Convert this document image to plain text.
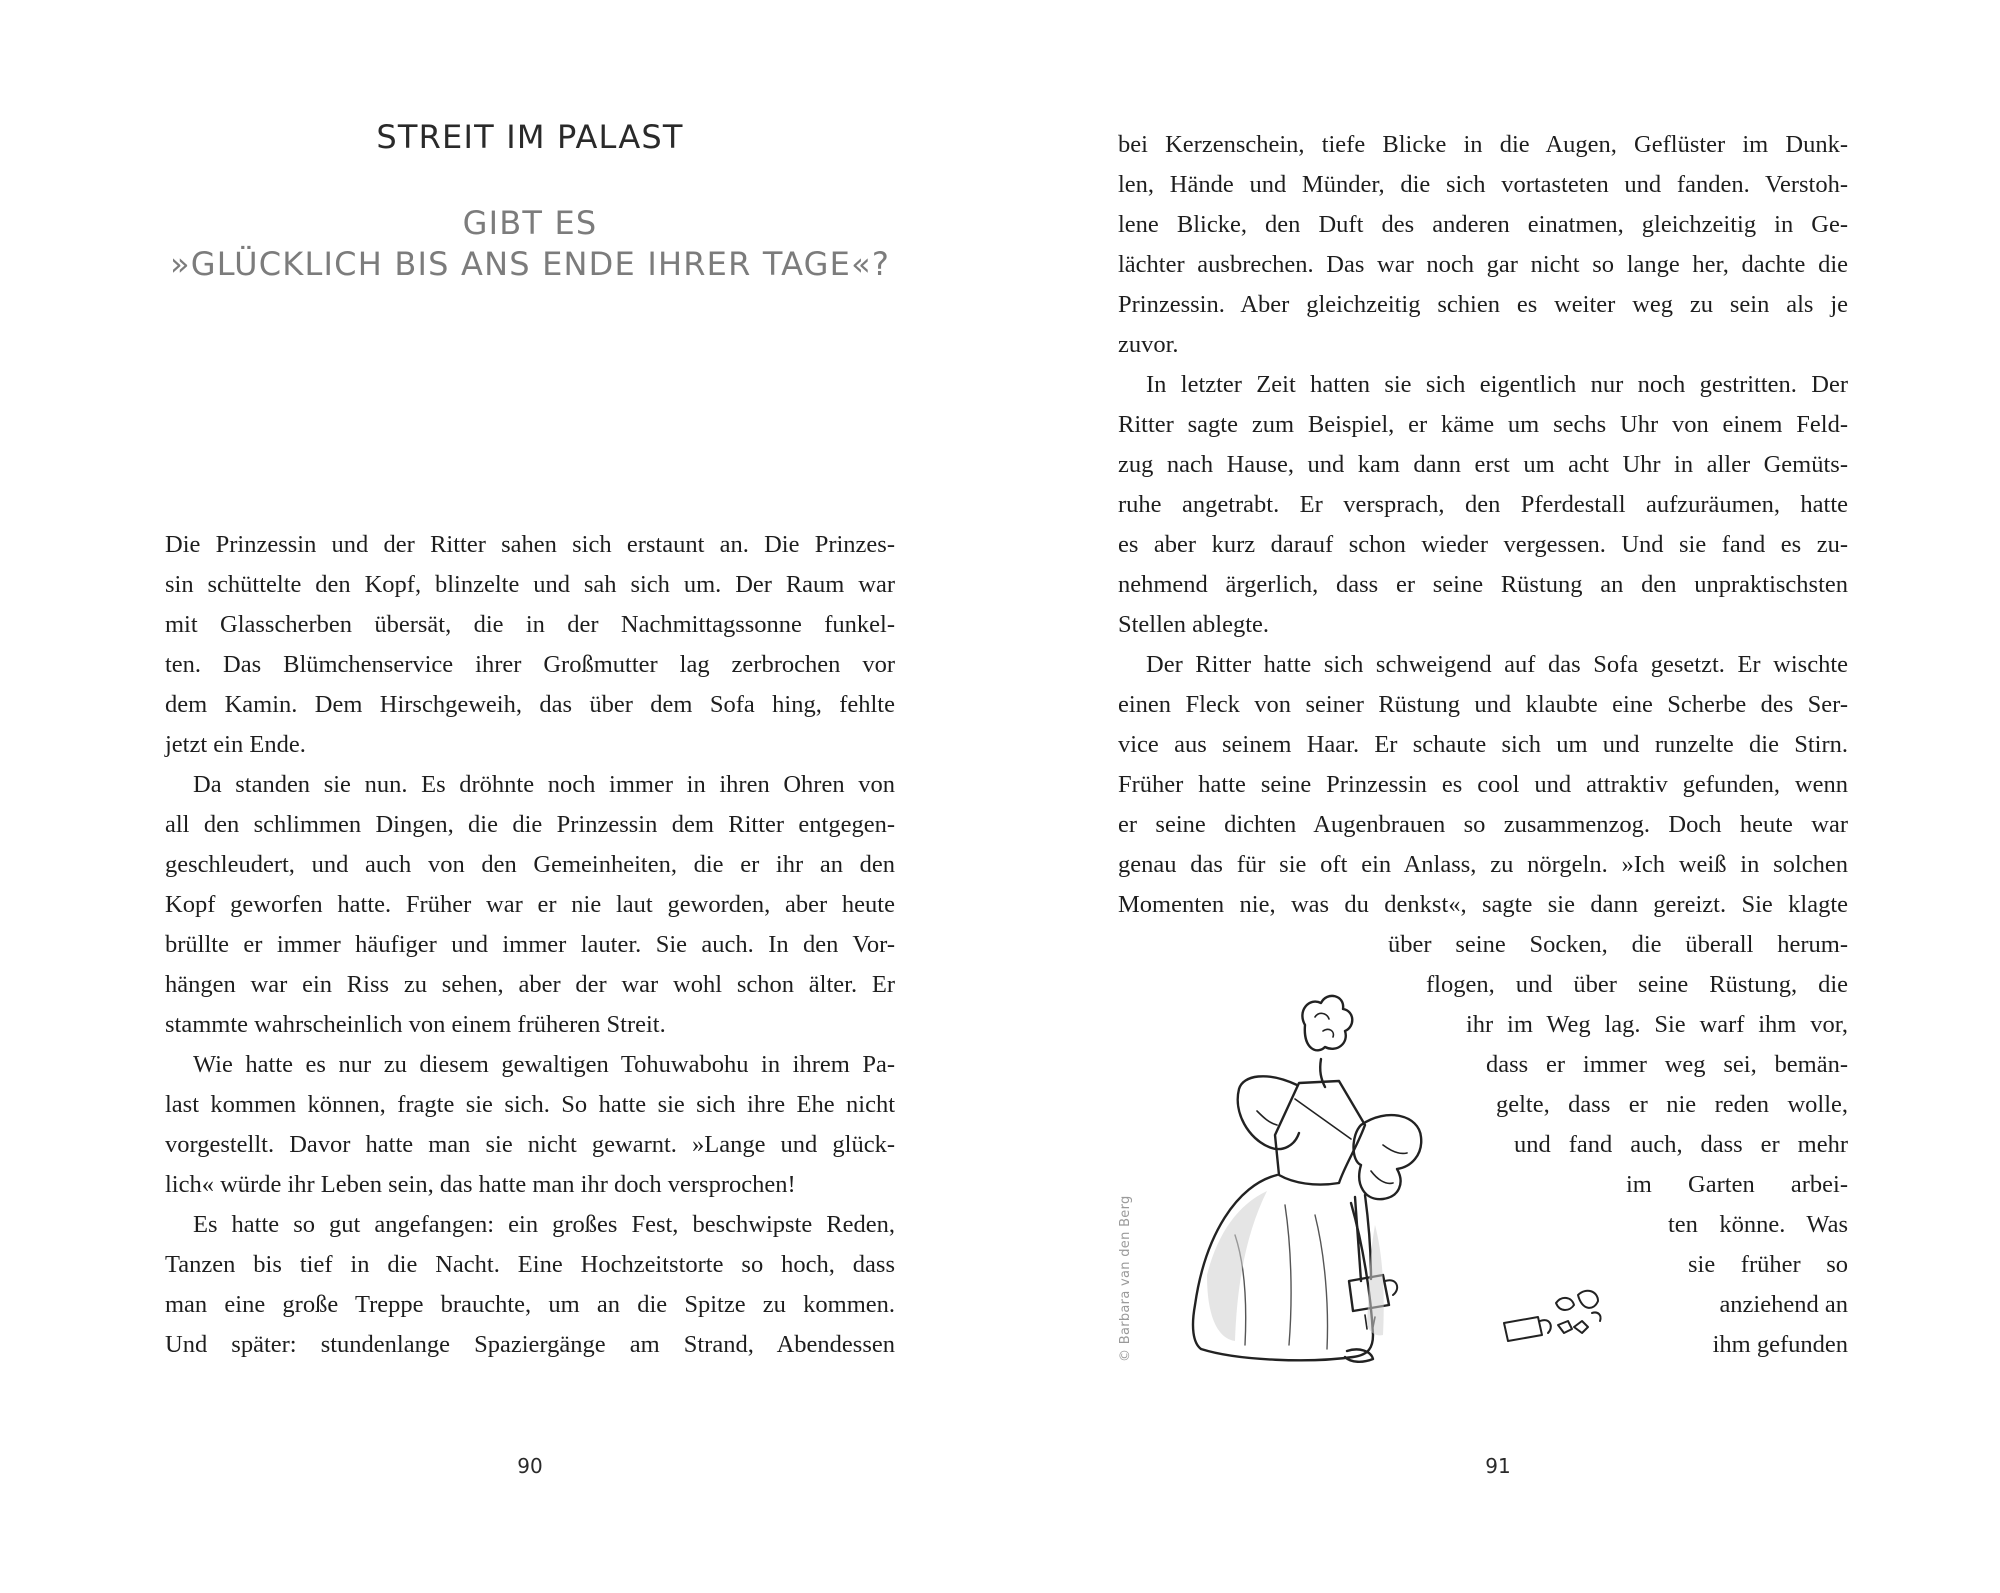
STREIT IM PALAST
GIBT ES
»GLÜCKLICH BIS ANS ENDE IHRER TAGE«?
Die Prinzessin und der Ritter sahen sich erstaunt an. Die Prinzes-
sin schüttelte den Kopf, blinzelte und sah sich um. Der Raum war
mit Glasscherben übersät, die in der Nachmittagssonne funkel-
ten. Das Blümchenservice ihrer Großmutter lag zerbrochen vor
dem Kamin. Dem Hirschgeweih, das über dem Sofa hing, fehlte
jetzt ein Ende.
Da standen sie nun. Es dröhnte noch immer in ihren Ohren von
all den schlimmen Dingen, die die Prinzessin dem Ritter entgegen-
geschleudert, und auch von den Gemeinheiten, die er ihr an den
Kopf geworfen hatte. Früher war er nie laut geworden, aber heute
brüllte er immer häufiger und immer lauter. Sie auch. In den Vor-
hängen war ein Riss zu sehen, aber der war wohl schon älter. Er
stammte wahrscheinlich von einem früheren Streit.
Wie hatte es nur zu diesem gewaltigen Tohuwabohu in ihrem Pa-
last kommen können, fragte sie sich. So hatte sie sich ihre Ehe nicht
vorgestellt. Davor hatte man sie nicht gewarnt. »Lange und glück-
lich« würde ihr Leben sein, das hatte man ihr doch versprochen!
Es hatte so gut angefangen: ein großes Fest, beschwipste Reden,
Tanzen bis tief in die Nacht. Eine Hochzeitstorte so hoch, dass
man eine große Treppe brauchte, um an die Spitze zu kommen.
Und später: stundenlange Spaziergänge am Strand, Abendessen
90
bei Kerzenschein, tiefe Blicke in die Augen, Geflüster im Dunk-
len, Hände und Münder, die sich vortasteten und fanden. Verstoh-
lene Blicke, den Duft des anderen einatmen, gleichzeitig in Ge-
lächter ausbrechen. Das war noch gar nicht so lange her, dachte die
Prinzessin. Aber gleichzeitig schien es weiter weg zu sein als je
zuvor.
In letzter Zeit hatten sie sich eigentlich nur noch gestritten. Der
Ritter sagte zum Beispiel, er käme um sechs Uhr von einem Feld-
zug nach Hause, und kam dann erst um acht Uhr in aller Gemüts-
ruhe angetrabt. Er versprach, den Pferdestall aufzuräumen, hatte
es aber kurz darauf schon wieder vergessen. Und sie fand es zu-
nehmend ärgerlich, dass er seine Rüstung an den unpraktischsten
Stellen ablegte.
Der Ritter hatte sich schweigend auf das Sofa gesetzt. Er wischte
einen Fleck von seiner Rüstung und klaubte eine Scherbe des Ser-
vice aus seinem Haar. Er schaute sich um und runzelte die Stirn.
Früher hatte seine Prinzessin es cool und attraktiv gefunden, wenn
er seine dichten Augenbrauen so zusammenzog. Doch heute war
genau das für sie oft ein Anlass, zu nörgeln. »Ich weiß in solchen
Momenten nie, was du denkst«, sagte sie dann gereizt. Sie klagte
über seine Socken, die überall herum-
flogen, und über seine Rüstung, die
ihr im Weg lag. Sie warf ihm vor,
dass er immer weg sei, bemän-
gelte, dass er nie reden wolle,
und fand auch, dass er mehr
im Garten arbei-
ten könne. Was
sie früher so
anziehend an
ihm gefunden
© Barbara van den Berg
91
